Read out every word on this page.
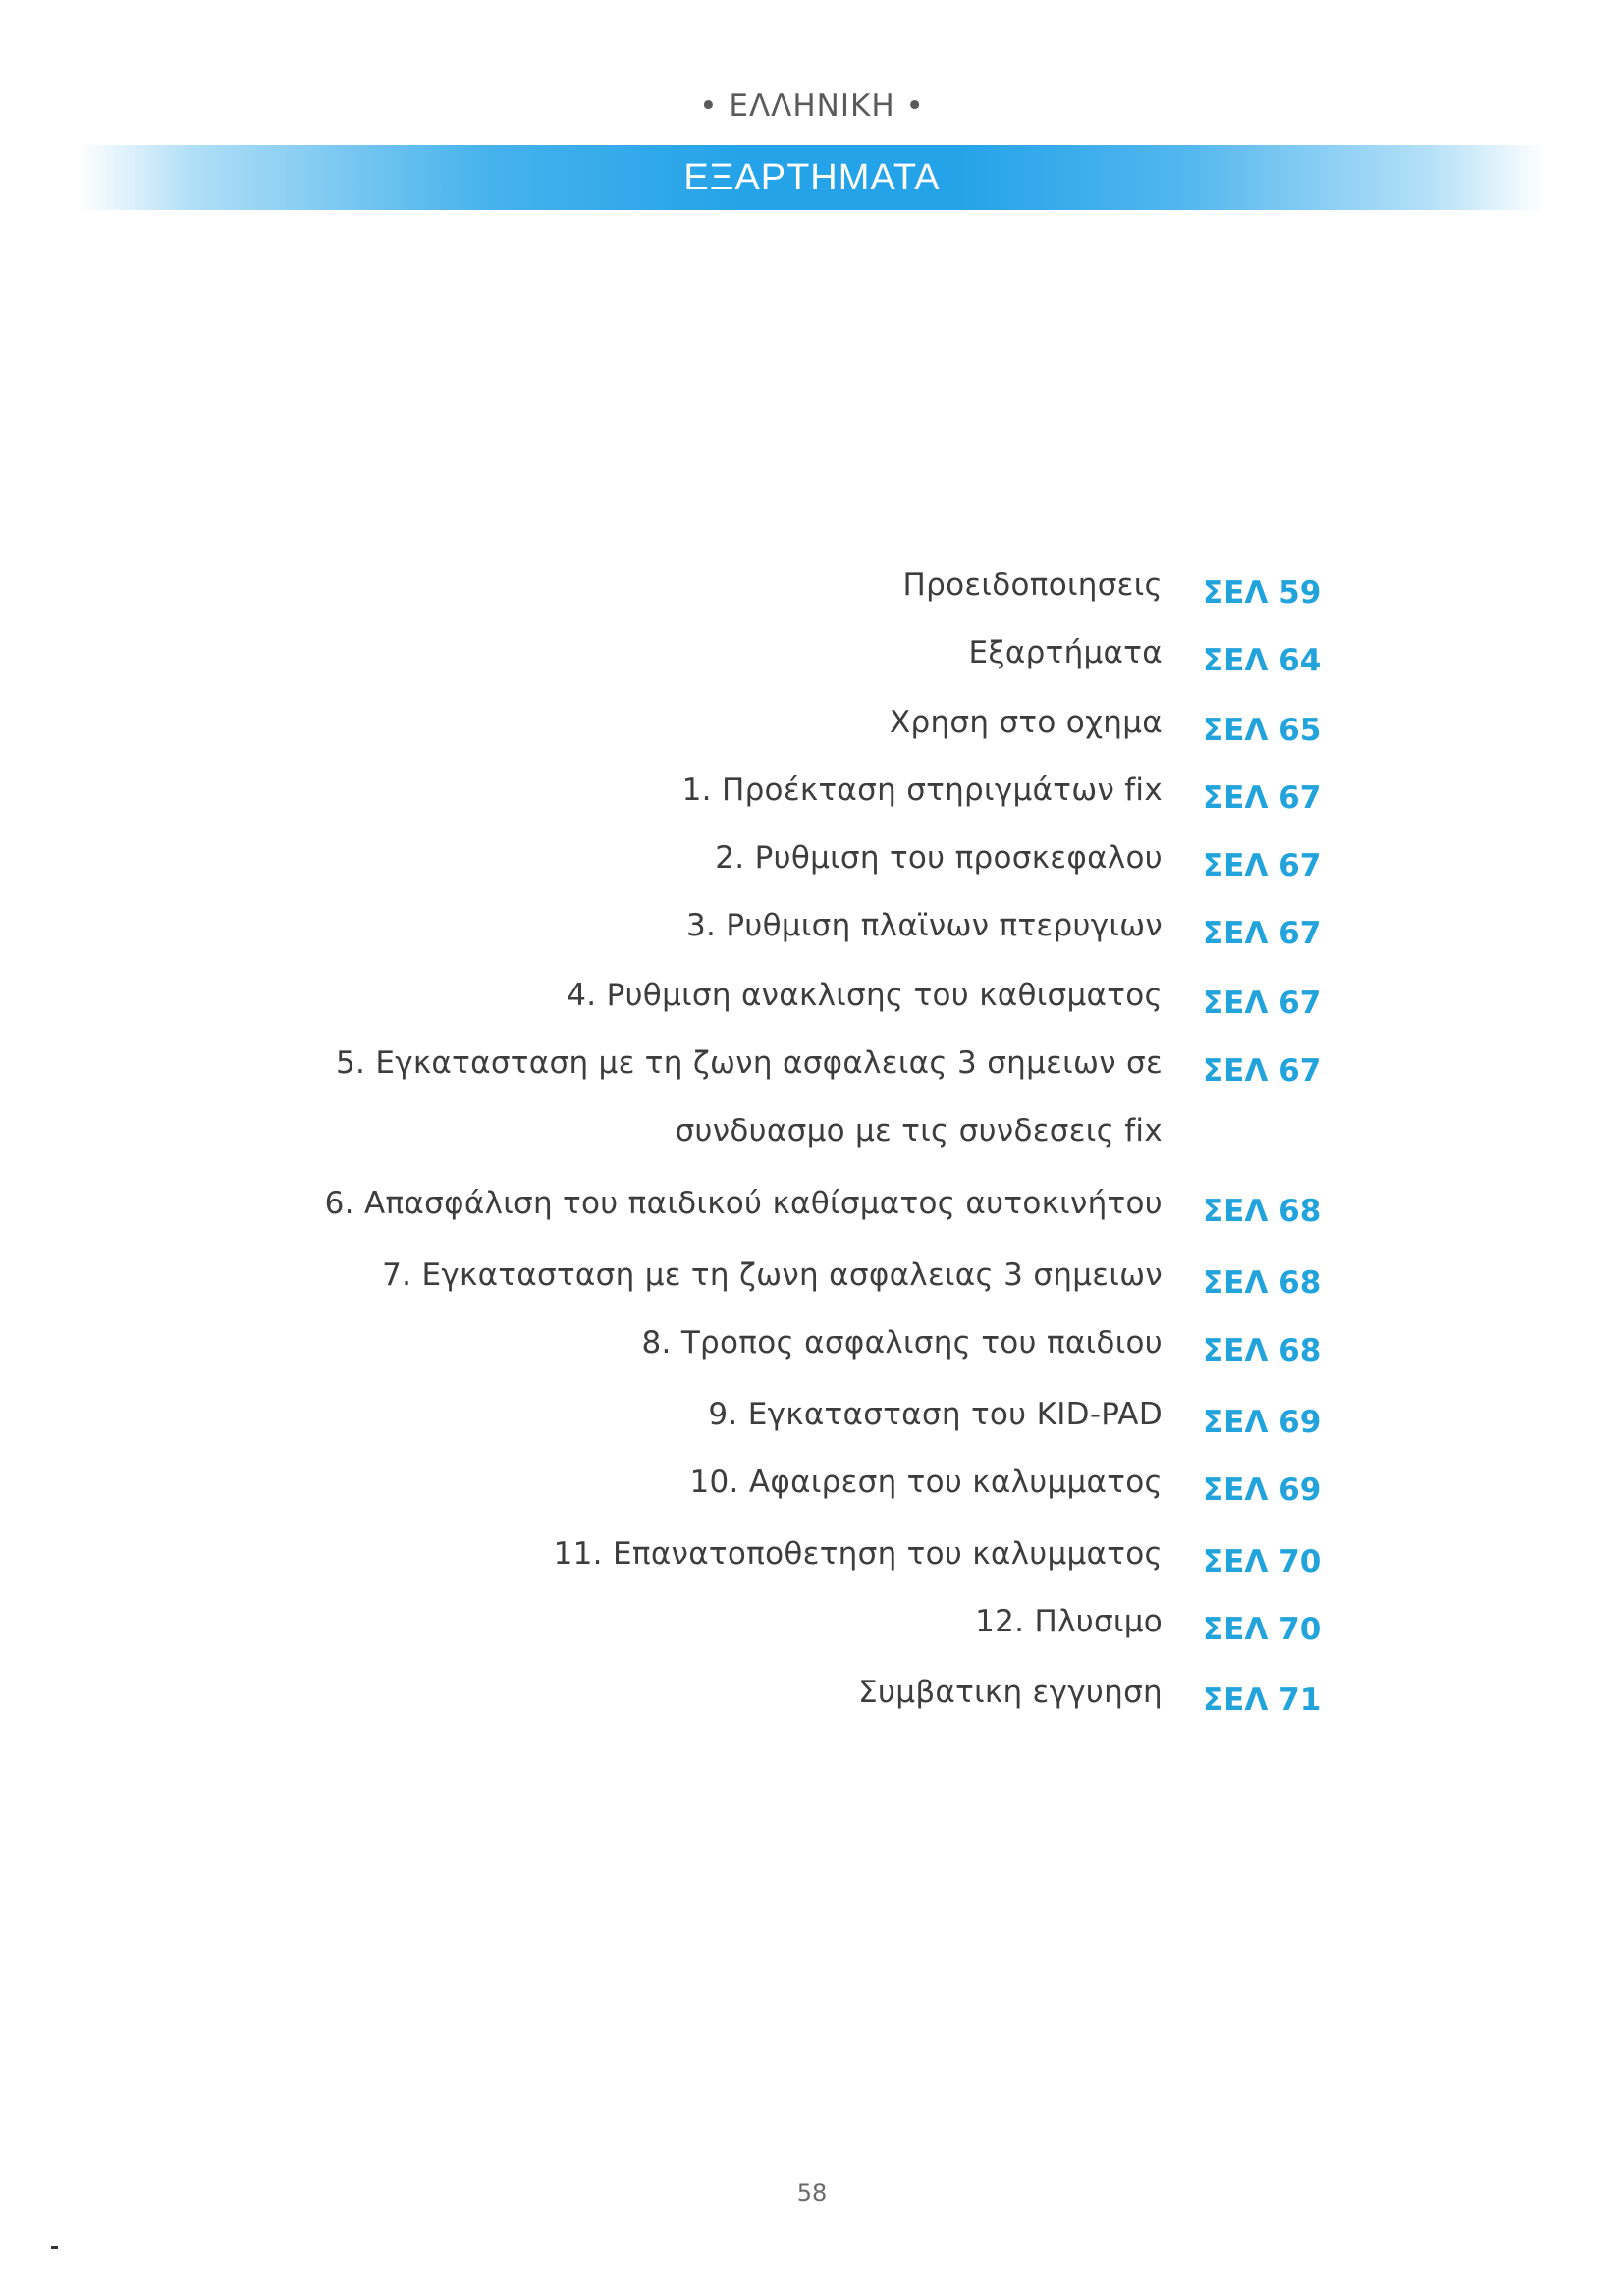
• ΕΛΛΗΝΙΚΗ •
ΕΞΑΡΤΗΜΑΤΑ
Προειδοποιησεις ΣΕΛ 59
Εξαρτήματα ΣΕΛ 64
Χρηση στο οχημα ΣΕΛ 65
1. Προέκταση στηριγμάτων fix ΣΕΛ 67
2. Ρυθμιση του προσκεφαλου ΣΕΛ 67
3. Ρυθμιση πλαϊνων πτερυγιων ΣΕΛ 67
4. Ρυθμιση ανακλισης του καθισματος ΣΕΛ 67
5. Εγκατασταση με τη ζωνη ασφαλειας 3 σημειων σε ΣΕΛ 67
συνδυασμο με τις συνδεσεις fix
6. Απασφάλιση του παιδικού καθίσματος αυτοκινήτου ΣΕΛ 68
7. Εγκατασταση με τη ζωνη ασφαλειας 3 σημειων ΣΕΛ 68
8. Τροπος ασφαλισης του παιδιου ΣΕΛ 68
9. Εγκατασταση του KID-PAD ΣΕΛ 69
10. Αφαιρεση του καλυμματος ΣΕΛ 69
11. Επανατοποθετηση του καλυμματος ΣΕΛ 70
12. Πλυσιμο ΣΕΛ 70
Συμβατικη εγγυηση ΣΕΛ 71
58
